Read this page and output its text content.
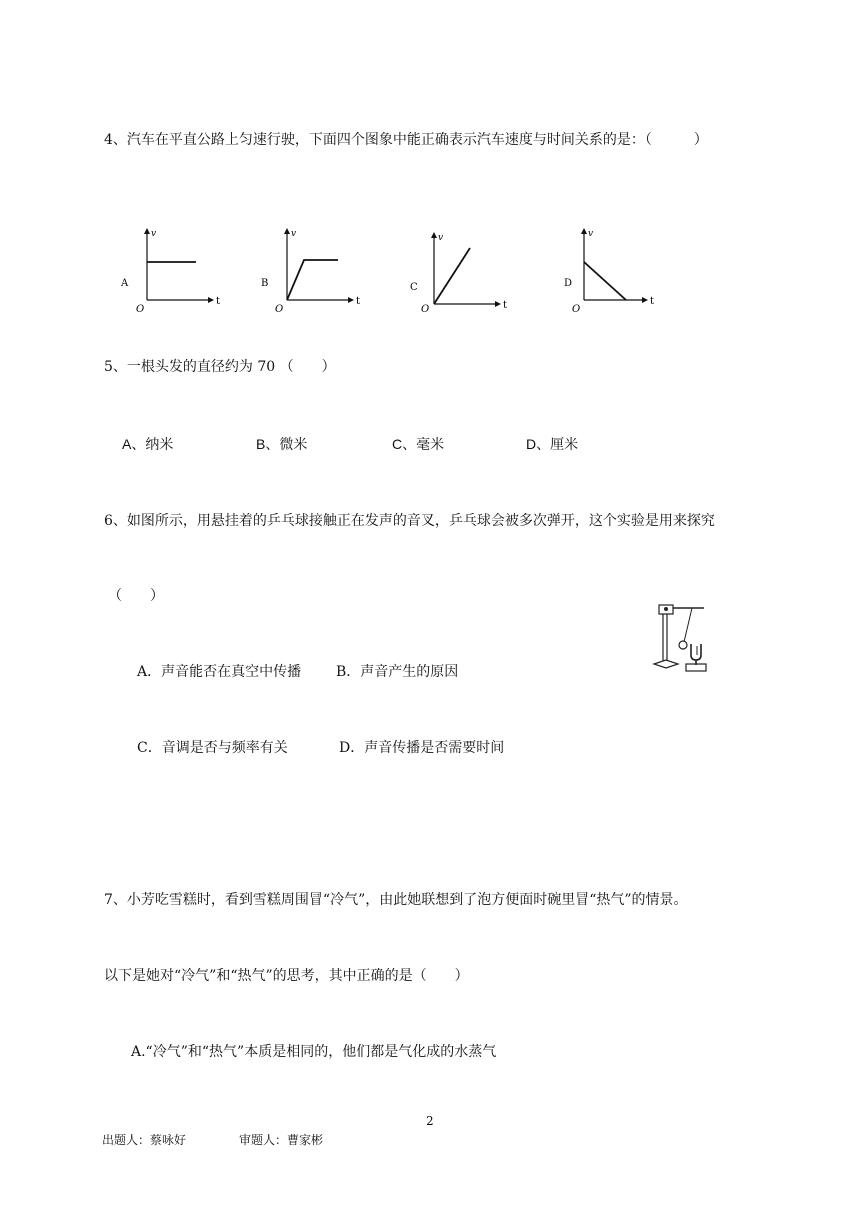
4、汽车在平直公路上匀速行驶，下面四个图象中能正确表示汽车速度与时间关系的是：（　　　）
v
t
O
A
v
t
O
B
v
t
O
C
v
t
O
D
5、一根头发的直径约为 70 （　　）
A、纳米	B、微米	C、毫米	D、厘米
6、如图所示，用悬挂着的乒乓球接触正在发声的音叉，乒乓球会被多次弹开，这个实验是用来探究
（　　）
A．声音能否在真空中传播 B．声音产生的原因
C．音调是否与频率有关	D．声音传播是否需要时间
7、小芳吃雪糕时，看到雪糕周围冒“冷气”，由此她联想到了泡方便面时碗里冒“热气”的情景。
以下是她对“冷气”和“热气”的思考，其中正确的是（　　）
A.“冷气”和“热气”本质是相同的，他们都是气化成的水蒸气
2
出题人：蔡咏好	审题人：曹家彬
